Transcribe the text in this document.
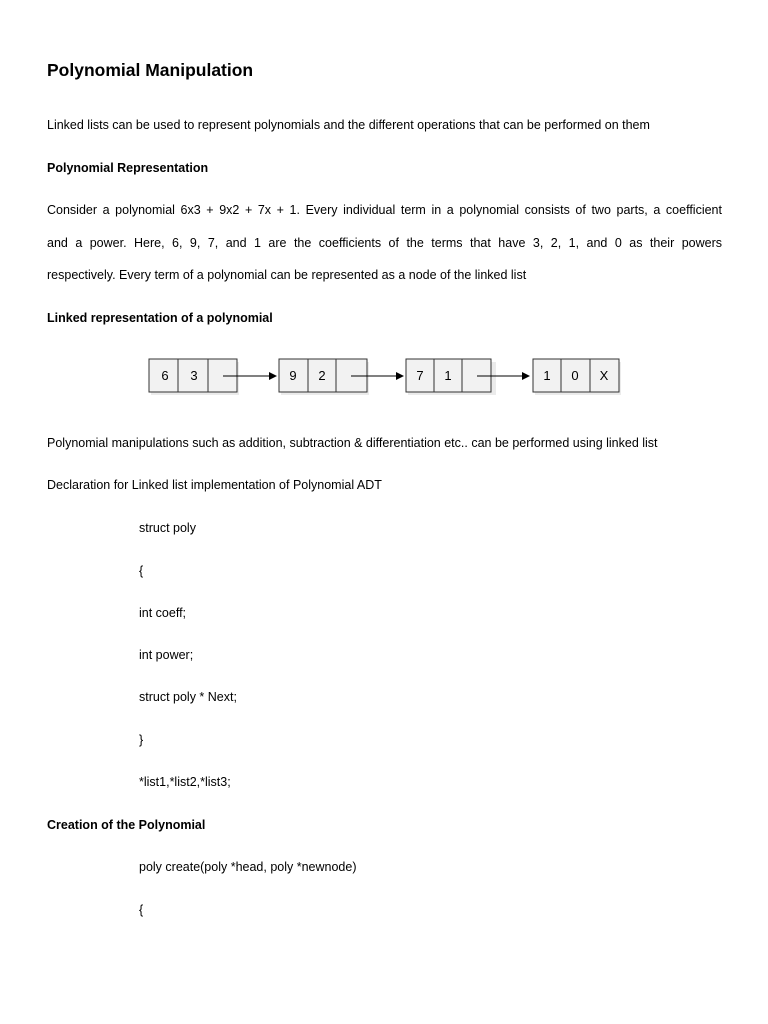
Polynomial Manipulation
Linked lists can be used to represent polynomials and the different operations that can be performed on them
Polynomial Representation
Consider a polynomial 6x3 + 9x2 + 7x + 1. Every individual term in a polynomial consists of two parts, a coefficient
and a power. Here, 6, 9, 7, and 1 are the coefficients of the terms that have 3, 2, 1, and 0 as their powers
respectively. Every term of a polynomial can be represented as a node of the linked list
Linked representation of a polynomial
6 3	9 2	7 1	1 0 X
Polynomial manipulations such as addition, subtraction & differentiation etc.. can be performed using linked list
Declaration for Linked list implementation of Polynomial ADT
struct poly
{
int coeff;
int power;
struct poly * Next;
}
*list1,*list2,*list3;
Creation of the Polynomial
poly create(poly *head, poly *newnode)
{
